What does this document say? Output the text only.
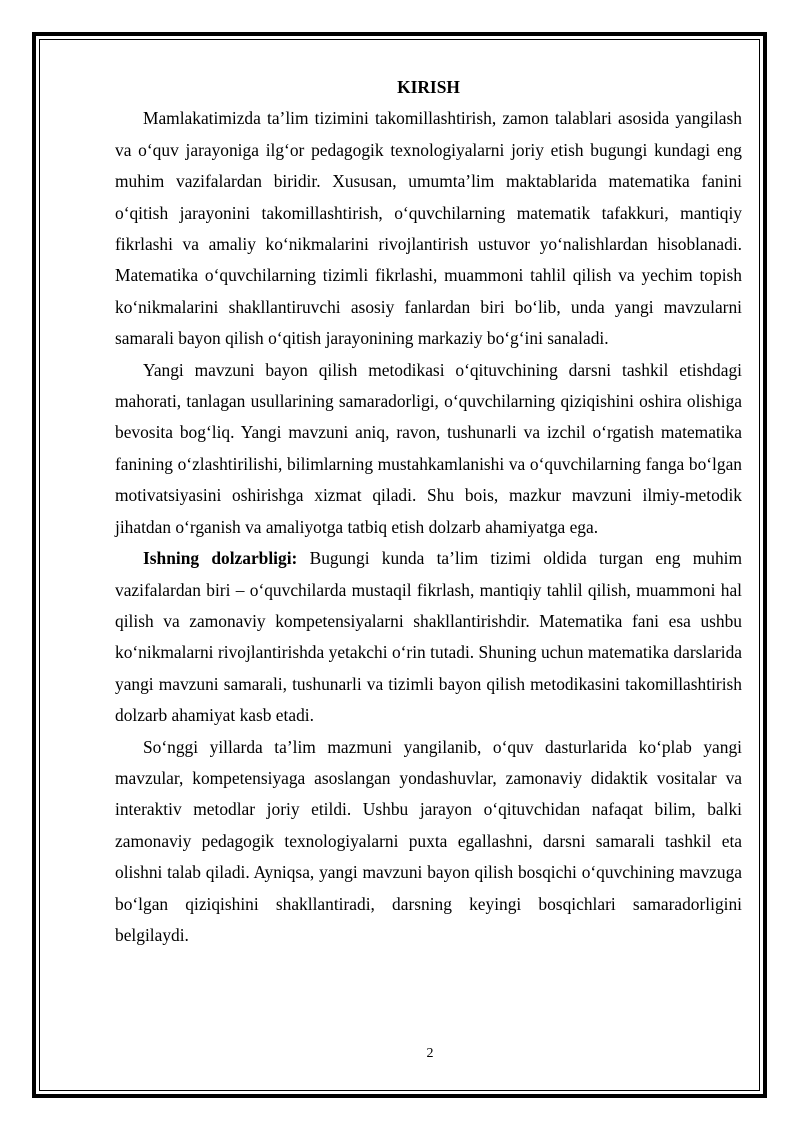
KIRISH

Mamlakatimizda ta’lim tizimini takomillashtirish, zamon talablari asosida yangilash va o‘quv jarayoniga ilg‘or pedagogik texnologiyalarni joriy etish bugungi kundagi eng muhim vazifalardan biridir. Xususan, umumta’lim maktablarida matematika fanini o‘qitish jarayonini takomillashtirish, o‘quvchilarning matematik tafakkuri, mantiqiy fikrlashi va amaliy ko‘nikmalarini rivojlantirish ustuvor yo‘nalishlardan hisoblanadi. Matematika o‘quvchilarning tizimli fikrlashi, muammoni tahlil qilish va yechim topish ko‘nikmalarini shakllantiruvchi asosiy fanlardan biri bo‘lib, unda yangi mavzularni samarali bayon qilish o‘qitish jarayonining markaziy bo‘g‘ini sanaladi.

Yangi mavzuni bayon qilish metodikasi o‘qituvchining darsni tashkil etishdagi mahorati, tanlagan usullarining samaradorligi, o‘quvchilarning qiziqishini oshira olishiga bevosita bog‘liq. Yangi mavzuni aniq, ravon, tushunarli va izchil o‘rgatish matematika fanining o‘zlashtirilishi, bilimlarning mustahkamlanishi va o‘quvchilarning fanga bo‘lgan motivatsiyasini oshirishga xizmat qiladi. Shu bois, mazkur mavzuni ilmiy-metodik jihatdan o‘rganish va amaliyotga tatbiq etish dolzarb ahamiyatga ega.

Ishning dolzarbligi: Bugungi kunda ta’lim tizimi oldida turgan eng muhim vazifalardan biri – o‘quvchilarda mustaqil fikrlash, mantiqiy tahlil qilish, muammoni hal qilish va zamonaviy kompetensiyalarni shakllantirishdir. Matematika fani esa ushbu ko‘nikmalarni rivojlantirishda yetakchi o‘rin tutadi. Shuning uchun matematika darslarida yangi mavzuni samarali, tushunarli va tizimli bayon qilish metodikasini takomillashtirish dolzarb ahamiyat kasb etadi.

So‘nggi yillarda ta’lim mazmuni yangilanib, o‘quv dasturlarida ko‘plab yangi mavzular, kompetensiyaga asoslangan yondashuvlar, zamonaviy didaktik vositalar va interaktiv metodlar joriy etildi. Ushbu jarayon o‘qituvchidan nafaqat bilim, balki zamonaviy pedagogik texnologiyalarni puxta egallashni, darsni samarali tashkil eta olishni talab qiladi. Ayniqsa, yangi mavzuni bayon qilish bosqichi o‘quvchining mavzuga bo‘lgan qiziqishini shakllantiradi, darsning keyingi bosqichlari samaradorligini belgilaydi.

2
